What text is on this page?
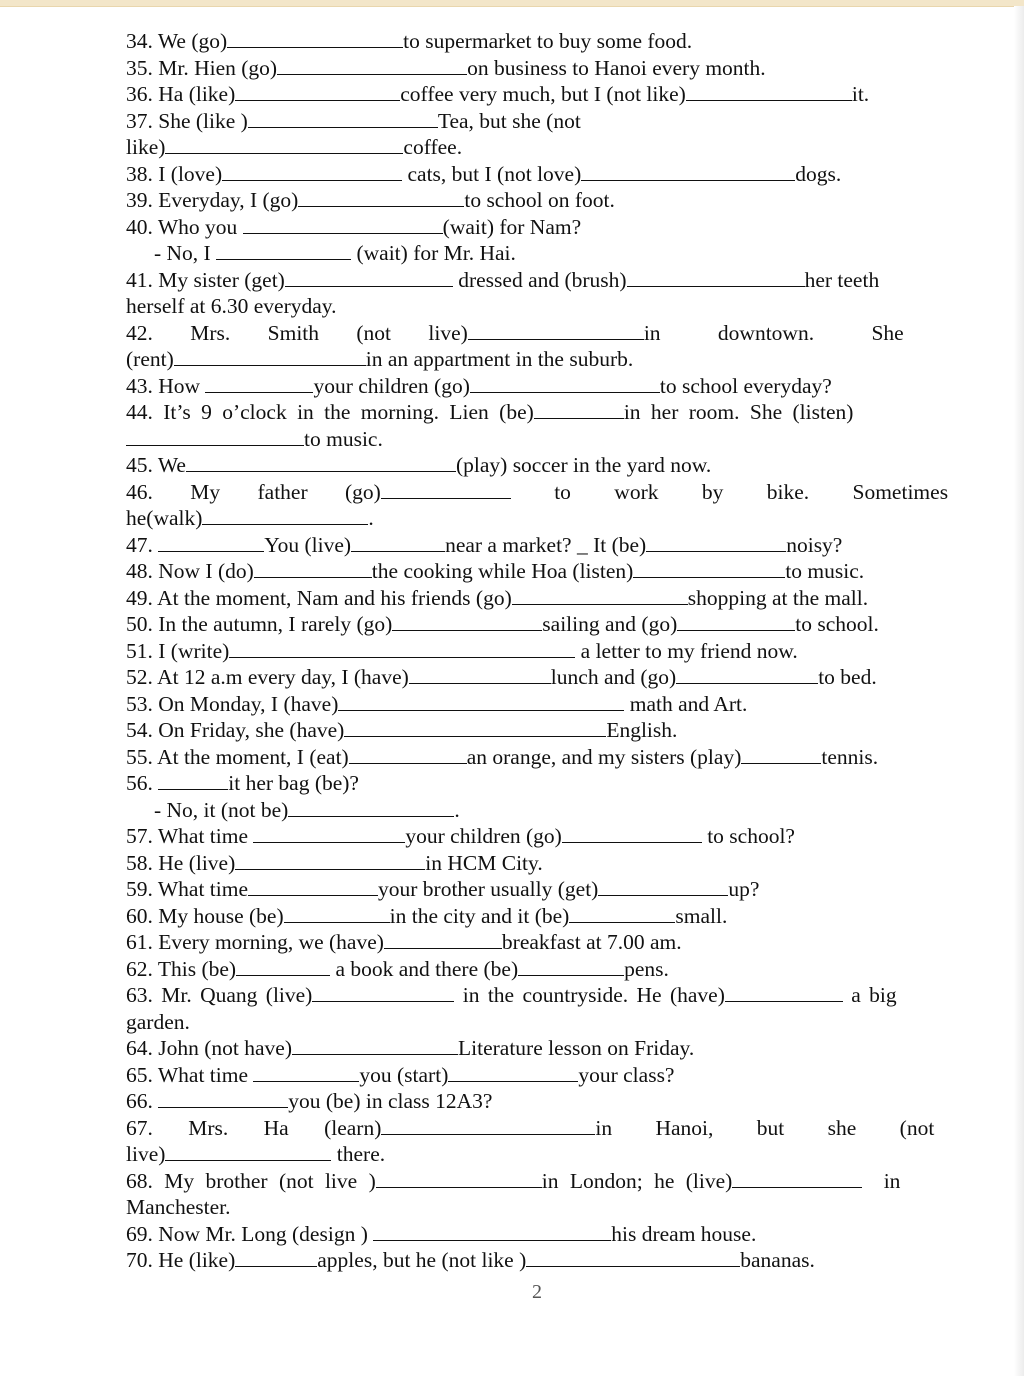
34. We (go)	to supermarket to buy some food.
35. Mr. Hien (go)	on business to Hanoi every month.
36. Ha (like)	coffee very much, but I (not like)	it.
37. She (like )	Tea, but she (not
like)	coffee.
38. I (love)	cats, but I (not love)	dogs.
39. Everyday, I (go)	to school on foot.
40. Who you	(wait) for Nam?
- No, I	(wait) for Mr. Hai.
41. My sister (get)	dressed and (brush)	her teeth
herself at 6.30 everyday.
42. Mrs. Smith (not live)	in downtown. She
(rent)	in an appartment in the suburb.
43. How	your children (go)	to school everyday?
44. It’s 9 o’clock in the morning. Lien (be)	in her room. She (listen)
to music.
45. We	(play) soccer in the yard now.
46. My father (go)	to work by bike. Sometimes
he(walk)	.
47.	You (live)	near a market? _ It (be)	noisy?
48. Now I (do)	the cooking while Hoa (listen)	to music.
49. At the moment, Nam and his friends (go)	shopping at the mall.
50. In the autumn, I rarely (go)	sailing and (go)	to school.
51. I (write)	a letter to my friend now.
52. At 12 a.m every day, I (have)	lunch and (go)	to bed.
53. On Monday, I (have)	math and Art.
54. On Friday, she (have)	English.
55. At the moment, I (eat)	an orange, and my sisters (play)	tennis.
56.	it her bag (be)?
- No, it (not be)	.
57. What time	your children (go)	to school?
58. He (live)	in HCM City.
59. What time	your brother usually (get)	up?
60. My house (be)	in the city and it (be)	small.
61. Every morning, we (have)	breakfast at 7.00 am.
62. This (be)	a book and there (be)	pens.
63. Mr. Quang (live)	in the countryside. He (have)	a big
garden.
64. John (not have)	Literature lesson on Friday.
65. What time	you (start)	your class?
66.	you (be) in class 12A3?
67. Mrs. Ha (learn)	in Hanoi, but she (not
live)	there.
68. My brother (not live )	in London; he (live)	in
Manchester.
69. Now Mr. Long (design )	his dream house.
70. He (like)	apples, but he (not like )	bananas.
2
